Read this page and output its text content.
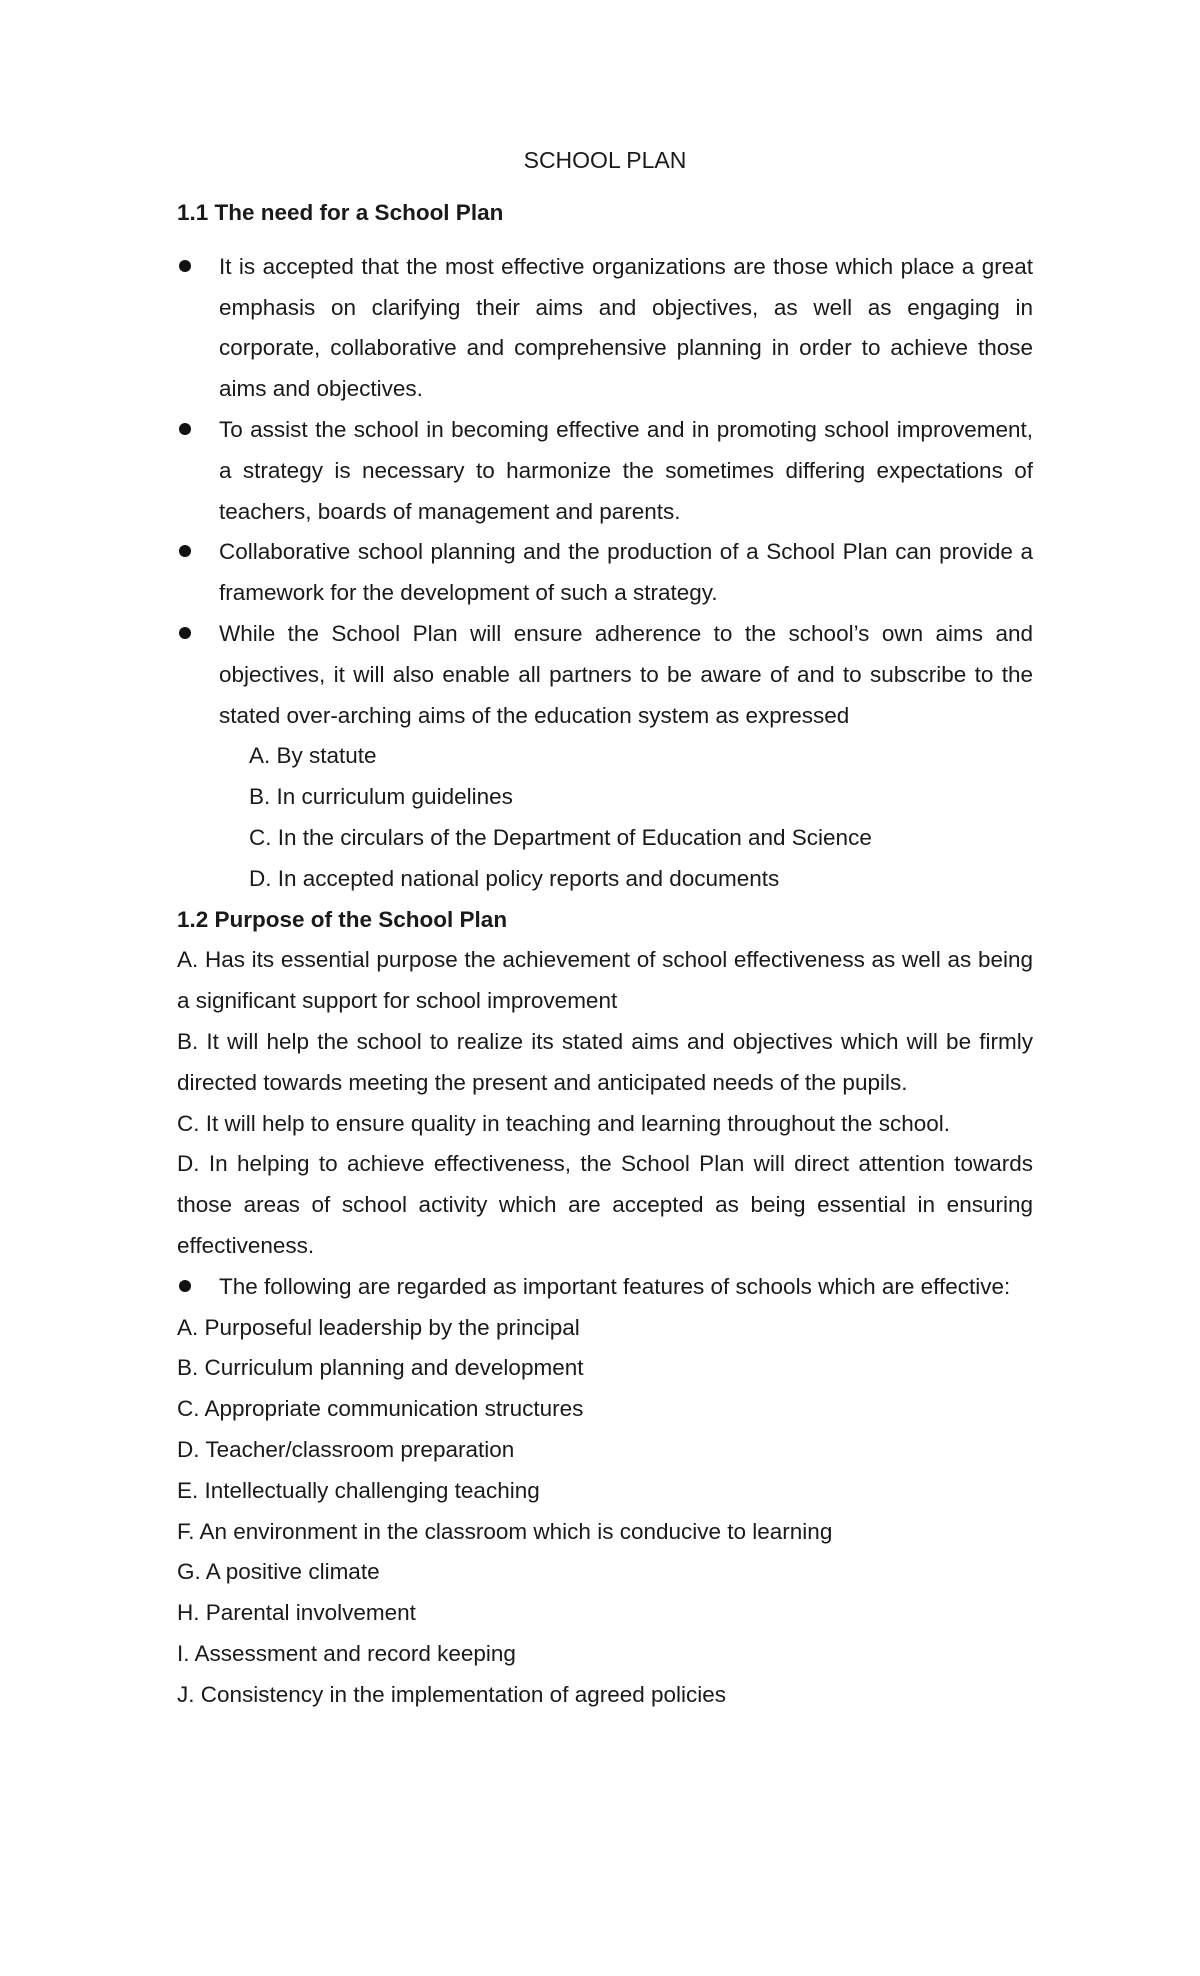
SCHOOL PLAN
1.1 The need for a School Plan
It is accepted that the most effective organizations are those which place a great emphasis on clarifying their aims and objectives, as well as engaging in corporate, collaborative and comprehensive planning in order to achieve those aims and objectives.
To assist the school in becoming effective and in promoting school improvement, a strategy is necessary to harmonize the sometimes differing expectations of teachers, boards of management and parents.
Collaborative school planning and the production of a School Plan can provide a framework for the development of such a strategy.
While the School Plan will ensure adherence to the school’s own aims and objectives, it will also enable all partners to be aware of and to subscribe to the stated over-arching aims of the education system as expressed
A. By statute
B. In curriculum guidelines
C. In the circulars of the Department of Education and Science
D. In accepted national policy reports and documents
1.2 Purpose of the School Plan

A. Has its essential purpose the achievement of school effectiveness as well as being a significant support for school improvement

B. It will help the school to realize its stated aims and objectives which will be firmly directed towards meeting the present and anticipated needs of the pupils.

C. It will help to ensure quality in teaching and learning throughout the school.

D. In helping to achieve effectiveness, the School Plan will direct attention towards those areas of school activity which are accepted as being essential in ensuring effectiveness.

The following are regarded as important features of schools which are effective:
A. Purposeful leadership by the principal
B. Curriculum planning and development
C. Appropriate communication structures
D. Teacher/classroom preparation
E. Intellectually challenging teaching
F. An environment in the classroom which is conducive to learning
G. A positive climate
H. Parental involvement
I. Assessment and record keeping
J. Consistency in the implementation of agreed policies
